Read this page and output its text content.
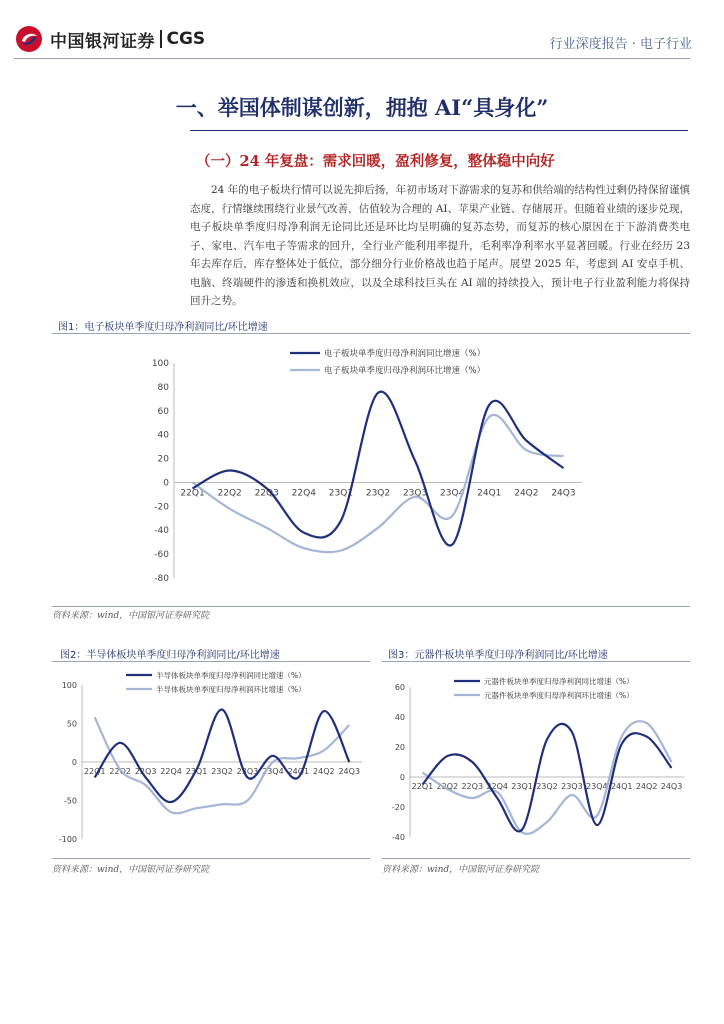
中国银河证券 CGS	行业深度报告 · 电子行业
一、举国体制谋创新，拥抱 AI“具身化”
（一）24 年复盘：需求回暖，盈利修复，整体稳中向好
24 年的电子板块行情可以说先抑后扬，年初市场对下游需求的复苏和供给端的结构性过剩仍持保留谨慎态度，行情继续围绕行业景气改善，估值较为合理的 AI、苹果产业链、存储展开。但随着业绩的逐步兑现，电子板块单季度归母净利润无论同比还是环比均呈明确的复苏态势，而复苏的核心原因在于下游消费类电子、家电、汽车电子等需求的回升，全行业产能利用率提升，毛利率净利率水平显著回暖。行业在经历 23 年去库存后，库存整体处于低位，部分细分行业价格战也趋于尾声。展望 2025 年，考虑到 AI 安卓手机、电脑、终端硬件的渗透和换机效应，以及全球科技巨头在 AI 端的持续投入，预计电子行业盈利能力将保持回升之势。
图1：电子板块单季度归母净利润同比/环比增速
-80
-60
-40
-20
0
20
40
60
80
100
22Q1 22Q2 22Q3 22Q4 23Q1 23Q2 23Q3 23Q4 24Q1 24Q2 24Q3
电子板块单季度归母净利润同比增速（%）
电子板块单季度归母净利润环比增速（%）
资料来源：wind，中国银河证券研究院
图2：半导体板块单季度归母净利润同比/环比增速
-100
-50
0
50
100
22Q1 22Q2 22Q3 22Q4 23Q1 23Q2 23Q3 23Q4 24Q1 24Q2 24Q3
半导体板块单季度归母净利润同比增速（%）
半导体板块单季度归母净利润环比增速（%）
资料来源：wind，中国银河证券研究院
图3：元器件板块单季度归母净利润同比/环比增速
-40
-20
0
20
40
60
22Q1 22Q2 22Q3 22Q4 23Q1 23Q2 23Q3 23Q4 24Q1 24Q2 24Q3
元器件板块单季度归母净利润同比增速（%）
元器件板块单季度归母净利润环比增速（%）
资料来源：wind，中国银河证券研究院
